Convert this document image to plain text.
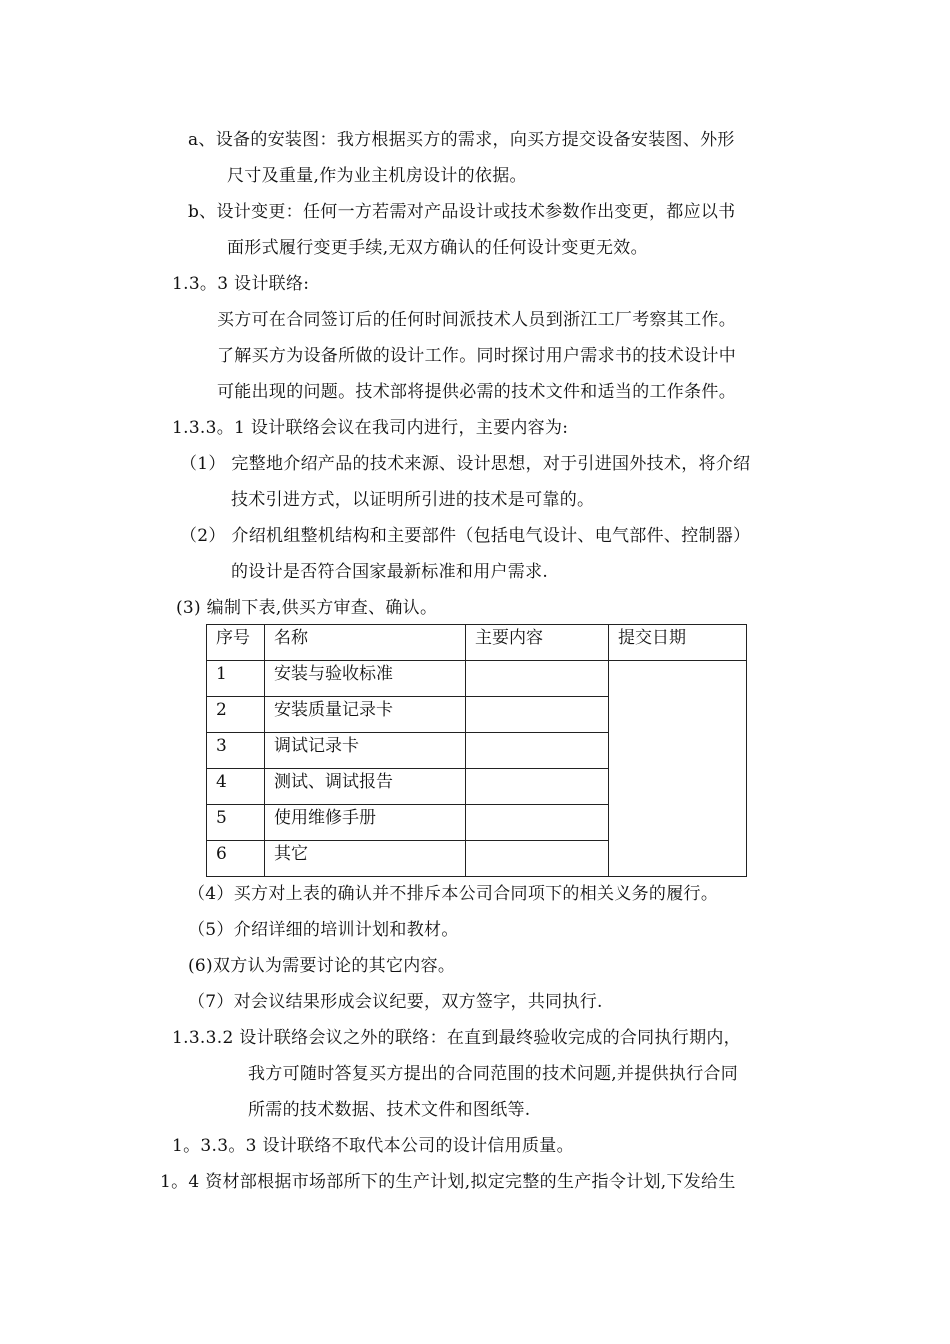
a、设备的安装图：我方根据买方的需求，向买方提交设备安装图、外形
尺寸及重量,作为业主机房设计的依据。
b、设计变更：任何一方若需对产品设计或技术参数作出变更，都应以书
面形式履行变更手续,无双方确认的任何设计变更无效。
1.3。3 设计联络:
买方可在合同签订后的任何时间派技术人员到浙江工厂考察其工作。
了解买方为设备所做的设计工作。同时探讨用户需求书的技术设计中
可能出现的问题。技术部将提供必需的技术文件和适当的工作条件。
1.3.3。1 设计联络会议在我司内进行，主要内容为:
（1） 完整地介绍产品的技术来源、设计思想，对于引进国外技术，将介绍
技术引进方式，以证明所引进的技术是可靠的。
（2） 介绍机组整机结构和主要部件（包括电气设计、电气部件、控制器）
的设计是否符合国家最新标准和用户需求.
(3) 编制下表,供买方审查、确认。
序号	名称	主要内容	提交日期
1	安装与验收标准		
2	安装质量记录卡		
3	调试记录卡		
4	测试、调试报告		
5	使用维修手册		
6	其它		
（4）买方对上表的确认并不排斥本公司合同项下的相关义务的履行。
（5）介绍详细的培训计划和教材。
(6)双方认为需要讨论的其它内容。
（7）对会议结果形成会议纪要，双方签字，共同执行.
1.3.3.2 设计联络会议之外的联络：在直到最终验收完成的合同执行期内，
我方可随时答复买方提出的合同范围的技术问题,并提供执行合同
所需的技术数据、技术文件和图纸等.
1。3.3。3 设计联络不取代本公司的设计信用质量。
1。4 资材部根据市场部所下的生产计划,拟定完整的生产指令计划,下发给生
